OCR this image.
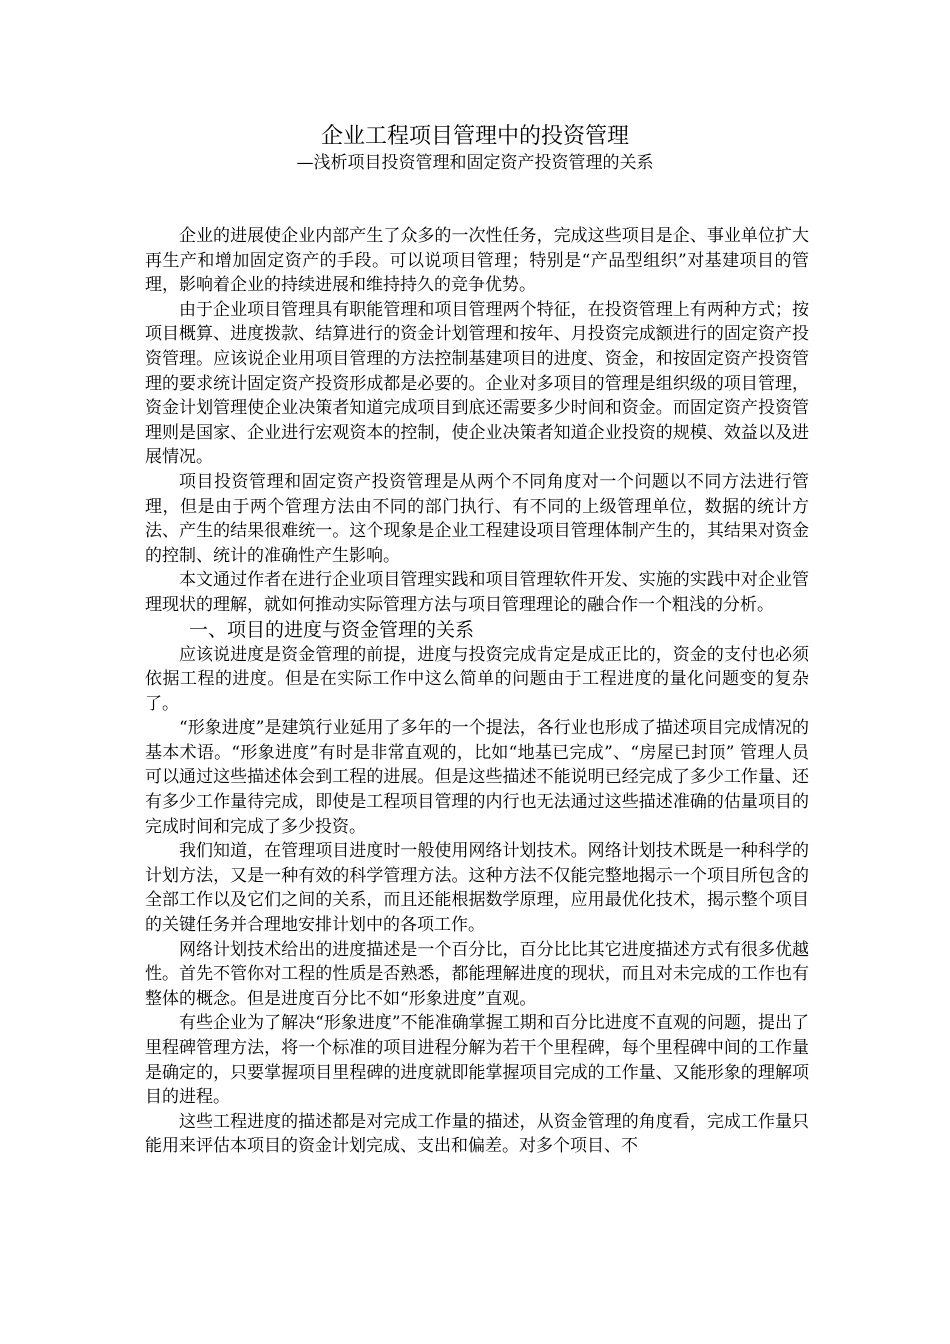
企业工程项目管理中的投资管理
—浅析项目投资管理和固定资产投资管理的关系

企业的进展使企业内部产生了众多的一次性任务，完成这些项目是企、事业单位扩大再生产和增加固定资产的手段。可以说项目管理；特别是“产品型组织”对基建项目的管理，影响着企业的持续进展和维持持久的竞争优势。

由于企业项目管理具有职能管理和项目管理两个特征，在投资管理上有两种方式；按项目概算、进度拨款、结算进行的资金计划管理和按年、月投资完成额进行的固定资产投资管理。应该说企业用项目管理的方法控制基建项目的进度、资金，和按固定资产投资管理的要求统计固定资产投资形成都是必要的。企业对多项目的管理是组织级的项目管理，资金计划管理使企业决策者知道完成项目到底还需要多少时间和资金。而固定资产投资管理则是国家、企业进行宏观资本的控制，使企业决策者知道企业投资的规模、效益以及进展情况。

项目投资管理和固定资产投资管理是从两个不同角度对一个问题以不同方法进行管理，但是由于两个管理方法由不同的部门执行、有不同的上级管理单位，数据的统计方法、产生的结果很难统一。这个现象是企业工程建设项目管理体制产生的，其结果对资金的控制、统计的准确性产生影响。

本文通过作者在进行企业项目管理实践和项目管理软件开发、实施的实践中对企业管理现状的理解，就如何推动实际管理方法与项目管理理论的融合作一个粗浅的分析。

一、项目的进度与资金管理的关系

应该说进度是资金管理的前提，进度与投资完成肯定是成正比的，资金的支付也必须依据工程的进度。但是在实际工作中这么简单的问题由于工程进度的量化问题变的复杂了。

“形象进度”是建筑行业延用了多年的一个提法，各行业也形成了描述项目完成情况的基本术语。“形象进度”有时是非常直观的，比如“地基已完成”、“房屋已封顶” 管理人员可以通过这些描述体会到工程的进展。但是这些描述不能说明已经完成了多少工作量、还有多少工作量待完成，即使是工程项目管理的内行也无法通过这些描述准确的估量项目的完成时间和完成了多少投资。

我们知道，在管理项目进度时一般使用网络计划技术。网络计划技术既是一种科学的计划方法，又是一种有效的科学管理方法。这种方法不仅能完整地揭示一个项目所包含的全部工作以及它们之间的关系，而且还能根据数学原理，应用最优化技术，揭示整个项目的关键任务并合理地安排计划中的各项工作。

网络计划技术给出的进度描述是一个百分比，百分比比其它进度描述方式有很多优越性。首先不管你对工程的性质是否熟悉，都能理解进度的现状，而且对未完成的工作也有整体的概念。但是进度百分比不如“形象进度”直观。

有些企业为了解决“形象进度”不能准确掌握工期和百分比进度不直观的问题，提出了里程碑管理方法，将一个标准的项目进程分解为若干个里程碑，每个里程碑中间的工作量是确定的，只要掌握项目里程碑的进度就即能掌握项目完成的工作量、又能形象的理解项目的进程。

这些工程进度的描述都是对完成工作量的描述，从资金管理的角度看，完成工作量只能用来评估本项目的资金计划完成、支出和偏差。对多个项目、不
